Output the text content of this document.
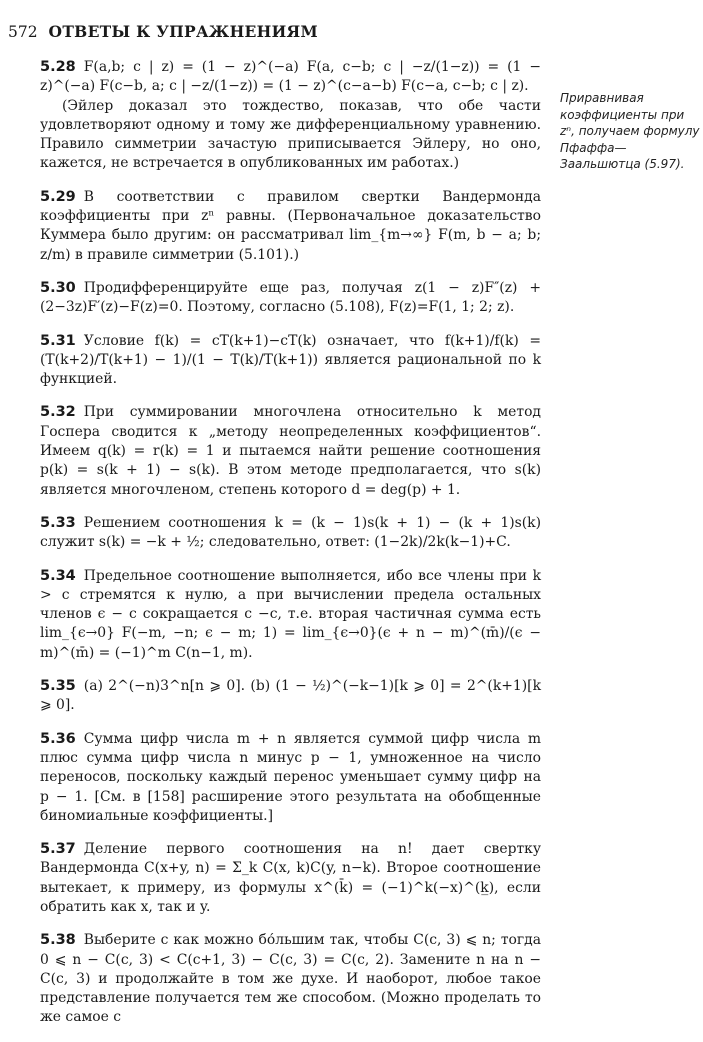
572 ОТВЕТЫ К УПРАЖНЕНИЯМ
Приравнивая коэффициенты при zⁿ, получаем формулу Пфаффа—Заальшютца (5.97).

5.28 F(a,b; c | z) = (1 − z)^(−a) F(a, c−b; c | −z/(1−z)) = (1 − z)^(−a) F(c−b, a; c | −z/(1−z)) = (1 − z)^(c−a−b) F(c−a, c−b; c | z).

(Эйлер доказал это тождество, показав, что обе части удовлетворяют одному и тому же дифференциальному уравнению. Правило симметрии зачастую приписывается Эйлеру, но оно, кажется, не встречается в опубликованных им работах.)

5.29 В соответствии с правилом свертки Вандермонда коэффициенты при zⁿ равны. (Первоначальное доказательство Куммера было другим: он рассматривал lim_{m→∞} F(m, b − a; b; z/m) в правиле симметрии (5.101).)

5.30 Продифференцируйте еще раз, получая z(1 − z)F″(z) + (2−3z)F′(z)−F(z)=0. Поэтому, согласно (5.108), F(z)=F(1, 1; 2; z).

5.31 Условие f(k) = cT(k+1)−cT(k) означает, что f(k+1)/f(k) = (T(k+2)/T(k+1) − 1)/(1 − T(k)/T(k+1)) является рациональной по k функцией.

5.32 При суммировании многочлена относительно k метод Госпера сводится к „методу неопределенных коэффициентов“. Имеем q(k) = r(k) = 1 и пытаемся найти решение соотношения p(k) = s(k + 1) − s(k). В этом методе предполагается, что s(k) является многочленом, степень которого d = deg(p) + 1.

5.33 Решением соотношения k = (k − 1)s(k + 1) − (k + 1)s(k) служит s(k) = −k + ½; следовательно, ответ: (1−2k)/2k(k−1)+C.

5.34 Предельное соотношение выполняется, ибо все члены при k > c стремятся к нулю, а при вычислении предела остальных членов ϵ − c сокращается c −c, т.е. вторая частичная сумма есть lim_{ϵ→0} F(−m, −n; ϵ − m; 1) = lim_{ϵ→0}(ϵ + n − m)^(m̄)/(ϵ − m)^(m̄) = (−1)^m C(n−1, m).

5.35 (a) 2^(−n)3^n[n ⩾ 0]. (b) (1 − ½)^(−k−1)[k ⩾ 0] = 2^(k+1)[k ⩾ 0].

5.36 Сумма цифр числа m + n является суммой цифр числа m плюс сумма цифр числа n минус p − 1, умноженное на число переносов, поскольку каждый перенос уменьшает сумму цифр на p − 1. [См. в [158] расширение этого результата на обобщенные биномиальные коэффициенты.]

5.37 Деление первого соотношения на n! дает свертку Вандермонда C(x+y, n) = Σ_k C(x, k)C(y, n−k). Второе соотношение вытекает, к примеру, из формулы x^(k̄) = (−1)^k(−x)^(k̲), если обратить как x, так и y.

5.38 Выберите c как можно бо́льшим так, чтобы C(c, 3) ⩽ n; тогда 0 ⩽ n − C(c, 3) < C(c+1, 3) − C(c, 3) = C(c, 2). Замените n на n − C(c, 3) и продолжайте в том же духе. И наоборот, любое такое представление получается тем же способом. (Можно проделать то же самое с
